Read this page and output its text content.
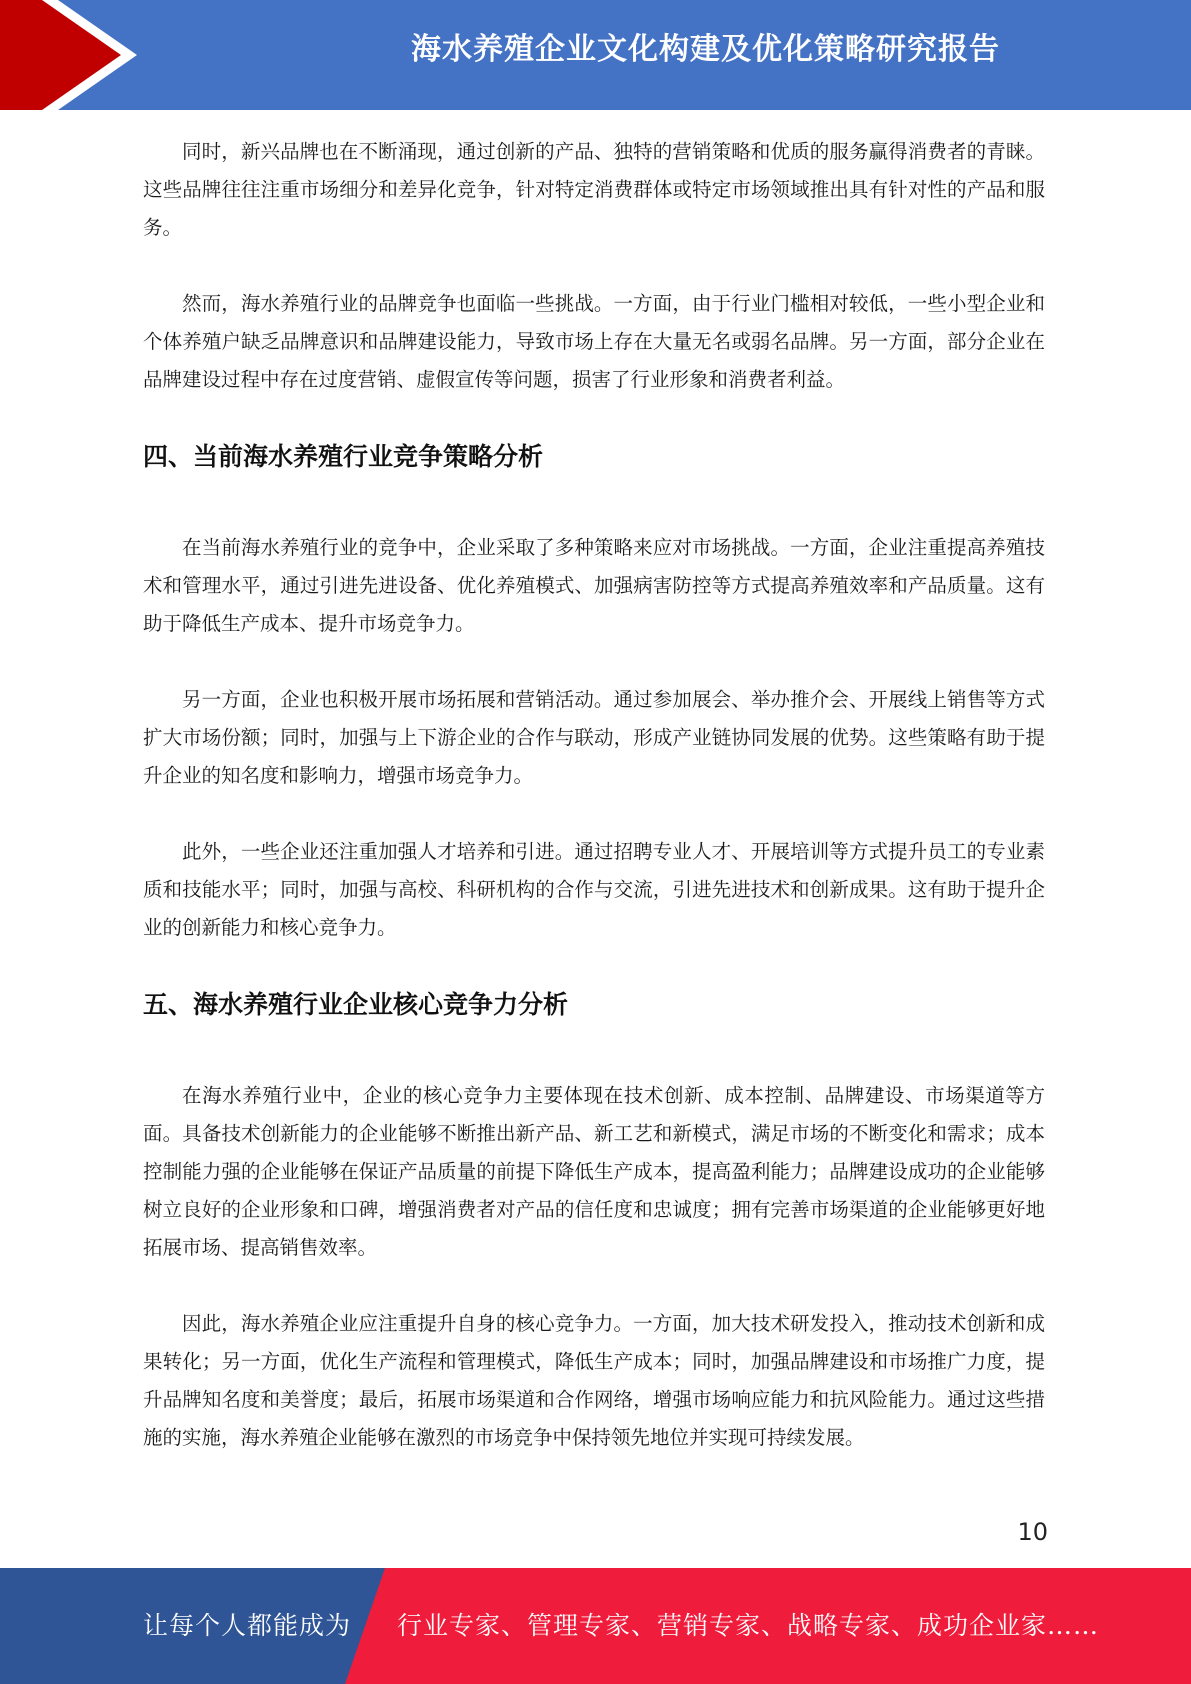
海水养殖企业文化构建及优化策略研究报告

同时，新兴品牌也在不断涌现，通过创新的产品、独特的营销策略和优质的服务赢得消费者的青睐。这些品牌往往注重市场细分和差异化竞争，针对特定消费群体或特定市场领域推出具有针对性的产品和服务。

然而，海水养殖行业的品牌竞争也面临一些挑战。一方面，由于行业门槛相对较低，一些小型企业和个体养殖户缺乏品牌意识和品牌建设能力，导致市场上存在大量无名或弱名品牌。另一方面，部分企业在品牌建设过程中存在过度营销、虚假宣传等问题，损害了行业形象和消费者利益。

四、当前海水养殖行业竞争策略分析

在当前海水养殖行业的竞争中，企业采取了多种策略来应对市场挑战。一方面，企业注重提高养殖技术和管理水平，通过引进先进设备、优化养殖模式、加强病害防控等方式提高养殖效率和产品质量。这有助于降低生产成本、提升市场竞争力。

另一方面，企业也积极开展市场拓展和营销活动。通过参加展会、举办推介会、开展线上销售等方式扩大市场份额；同时，加强与上下游企业的合作与联动，形成产业链协同发展的优势。这些策略有助于提升企业的知名度和影响力，增强市场竞争力。

此外，一些企业还注重加强人才培养和引进。通过招聘专业人才、开展培训等方式提升员工的专业素质和技能水平；同时，加强与高校、科研机构的合作与交流，引进先进技术和创新成果。这有助于提升企业的创新能力和核心竞争力。

五、海水养殖行业企业核心竞争力分析

在海水养殖行业中，企业的核心竞争力主要体现在技术创新、成本控制、品牌建设、市场渠道等方面。具备技术创新能力的企业能够不断推出新产品、新工艺和新模式，满足市场的不断变化和需求；成本控制能力强的企业能够在保证产品质量的前提下降低生产成本，提高盈利能力；品牌建设成功的企业能够树立良好的企业形象和口碑，增强消费者对产品的信任度和忠诚度；拥有完善市场渠道的企业能够更好地拓展市场、提高销售效率。

因此，海水养殖企业应注重提升自身的核心竞争力。一方面，加大技术研发投入，推动技术创新和成果转化；另一方面，优化生产流程和管理模式，降低生产成本；同时，加强品牌建设和市场推广力度，提升品牌知名度和美誉度；最后，拓展市场渠道和合作网络，增强市场响应能力和抗风险能力。通过这些措施的实施，海水养殖企业能够在激烈的市场竞争中保持领先地位并实现可持续发展。

10
让每个人都能成为 行业专家、管理专家、营销专家、战略专家、成功企业家……
